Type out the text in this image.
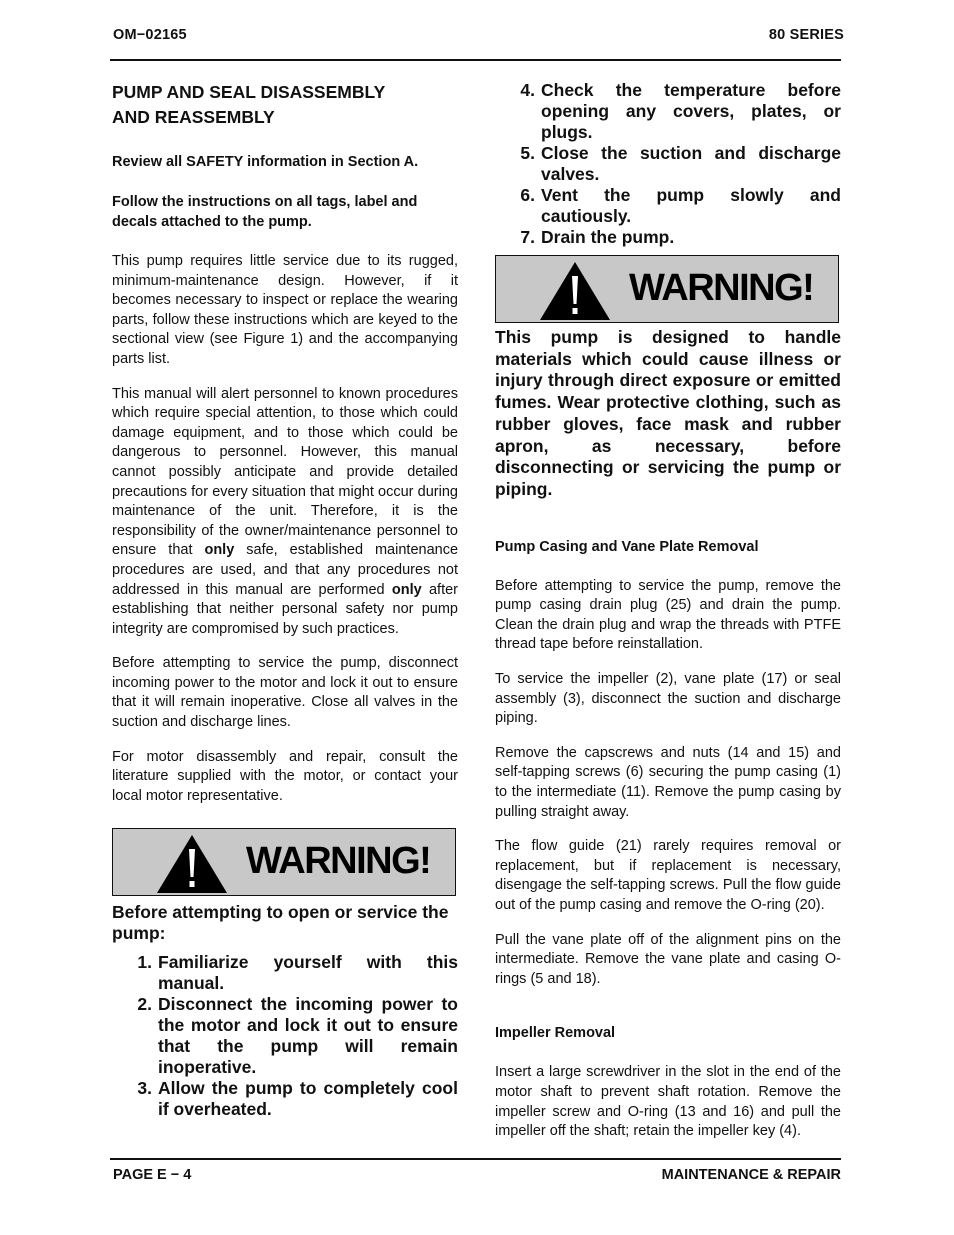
OM−02165	80 SERIES
PUMP AND SEAL DISASSEMBLY AND REASSEMBLY
Review all SAFETY information in Section A.
Follow the instructions on all tags, label and decals attached to the pump.
This pump requires little service due to its rugged, minimum-maintenance design. However, if it becomes necessary to inspect or replace the wearing parts, follow these instructions which are keyed to the sectional view (see Figure 1) and the accompanying parts list.
This manual will alert personnel to known procedures which require special attention, to those which could damage equipment, and to those which could be dangerous to personnel. However, this manual cannot possibly anticipate and provide detailed precautions for every situation that might occur during maintenance of the unit. Therefore, it is the responsibility of the owner/maintenance personnel to ensure that only safe, established maintenance procedures are used, and that any procedures not addressed in this manual are performed only after establishing that neither personal safety nor pump integrity are compromised by such practices.
Before attempting to service the pump, disconnect incoming power to the motor and lock it out to ensure that it will remain inoperative. Close all valves in the suction and discharge lines.
For motor disassembly and repair, consult the literature supplied with the motor, or contact your local motor representative.
WARNING!
Before attempting to open or service the pump:
1. Familiarize yourself with this manual.
2. Disconnect the incoming power to the motor and lock it out to ensure that the pump will remain inoperative.
3. Allow the pump to completely cool if overheated.
4. Check the temperature before opening any covers, plates, or plugs.
5. Close the suction and discharge valves.
6. Vent the pump slowly and cautiously.
7. Drain the pump.
WARNING!
This pump is designed to handle materials which could cause illness or injury through direct exposure or emitted fumes. Wear protective clothing, such as rubber gloves, face mask and rubber apron, as necessary, before disconnecting or servicing the pump or piping.
Pump Casing and Vane Plate Removal
Before attempting to service the pump, remove the pump casing drain plug (25) and drain the pump. Clean the drain plug and wrap the threads with PTFE thread tape before reinstallation.
To service the impeller (2), vane plate (17) or seal assembly (3), disconnect the suction and discharge piping.
Remove the capscrews and nuts (14 and 15) and self-tapping screws (6) securing the pump casing (1) to the intermediate (11). Remove the pump casing by pulling straight away.
The flow guide (21) rarely requires removal or replacement, but if replacement is necessary, disengage the self-tapping screws. Pull the flow guide out of the pump casing and remove the O-ring (20).
Pull the vane plate off of the alignment pins on the intermediate. Remove the vane plate and casing O-rings (5 and 18).
Impeller Removal
Insert a large screwdriver in the slot in the end of the motor shaft to prevent shaft rotation. Remove the impeller screw and O-ring (13 and 16) and pull the impeller off the shaft; retain the impeller key (4).
PAGE E − 4	MAINTENANCE & REPAIR
